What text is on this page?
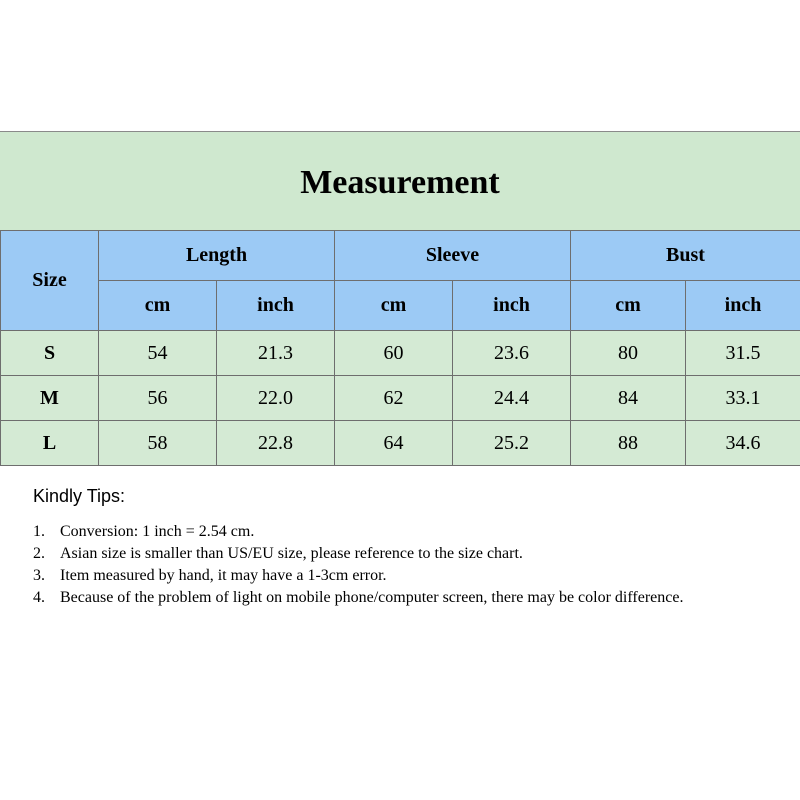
Measurement
Size	Length		Sleeve		Bust	
	cm	inch	cm	inch	cm	inch
S	54	21.3	60	23.6	80	31.5
M	56	22.0	62	24.4	84	33.1
L	58	22.8	64	25.2	88	34.6
Kindly Tips:
1. Conversion: 1 inch = 2.54 cm.
2. Asian size is smaller than US/EU size, please reference to the size chart.
3. Item measured by hand, it may have a 1-3cm error.
4. Because of the problem of light on mobile phone/computer screen, there may be color difference.
